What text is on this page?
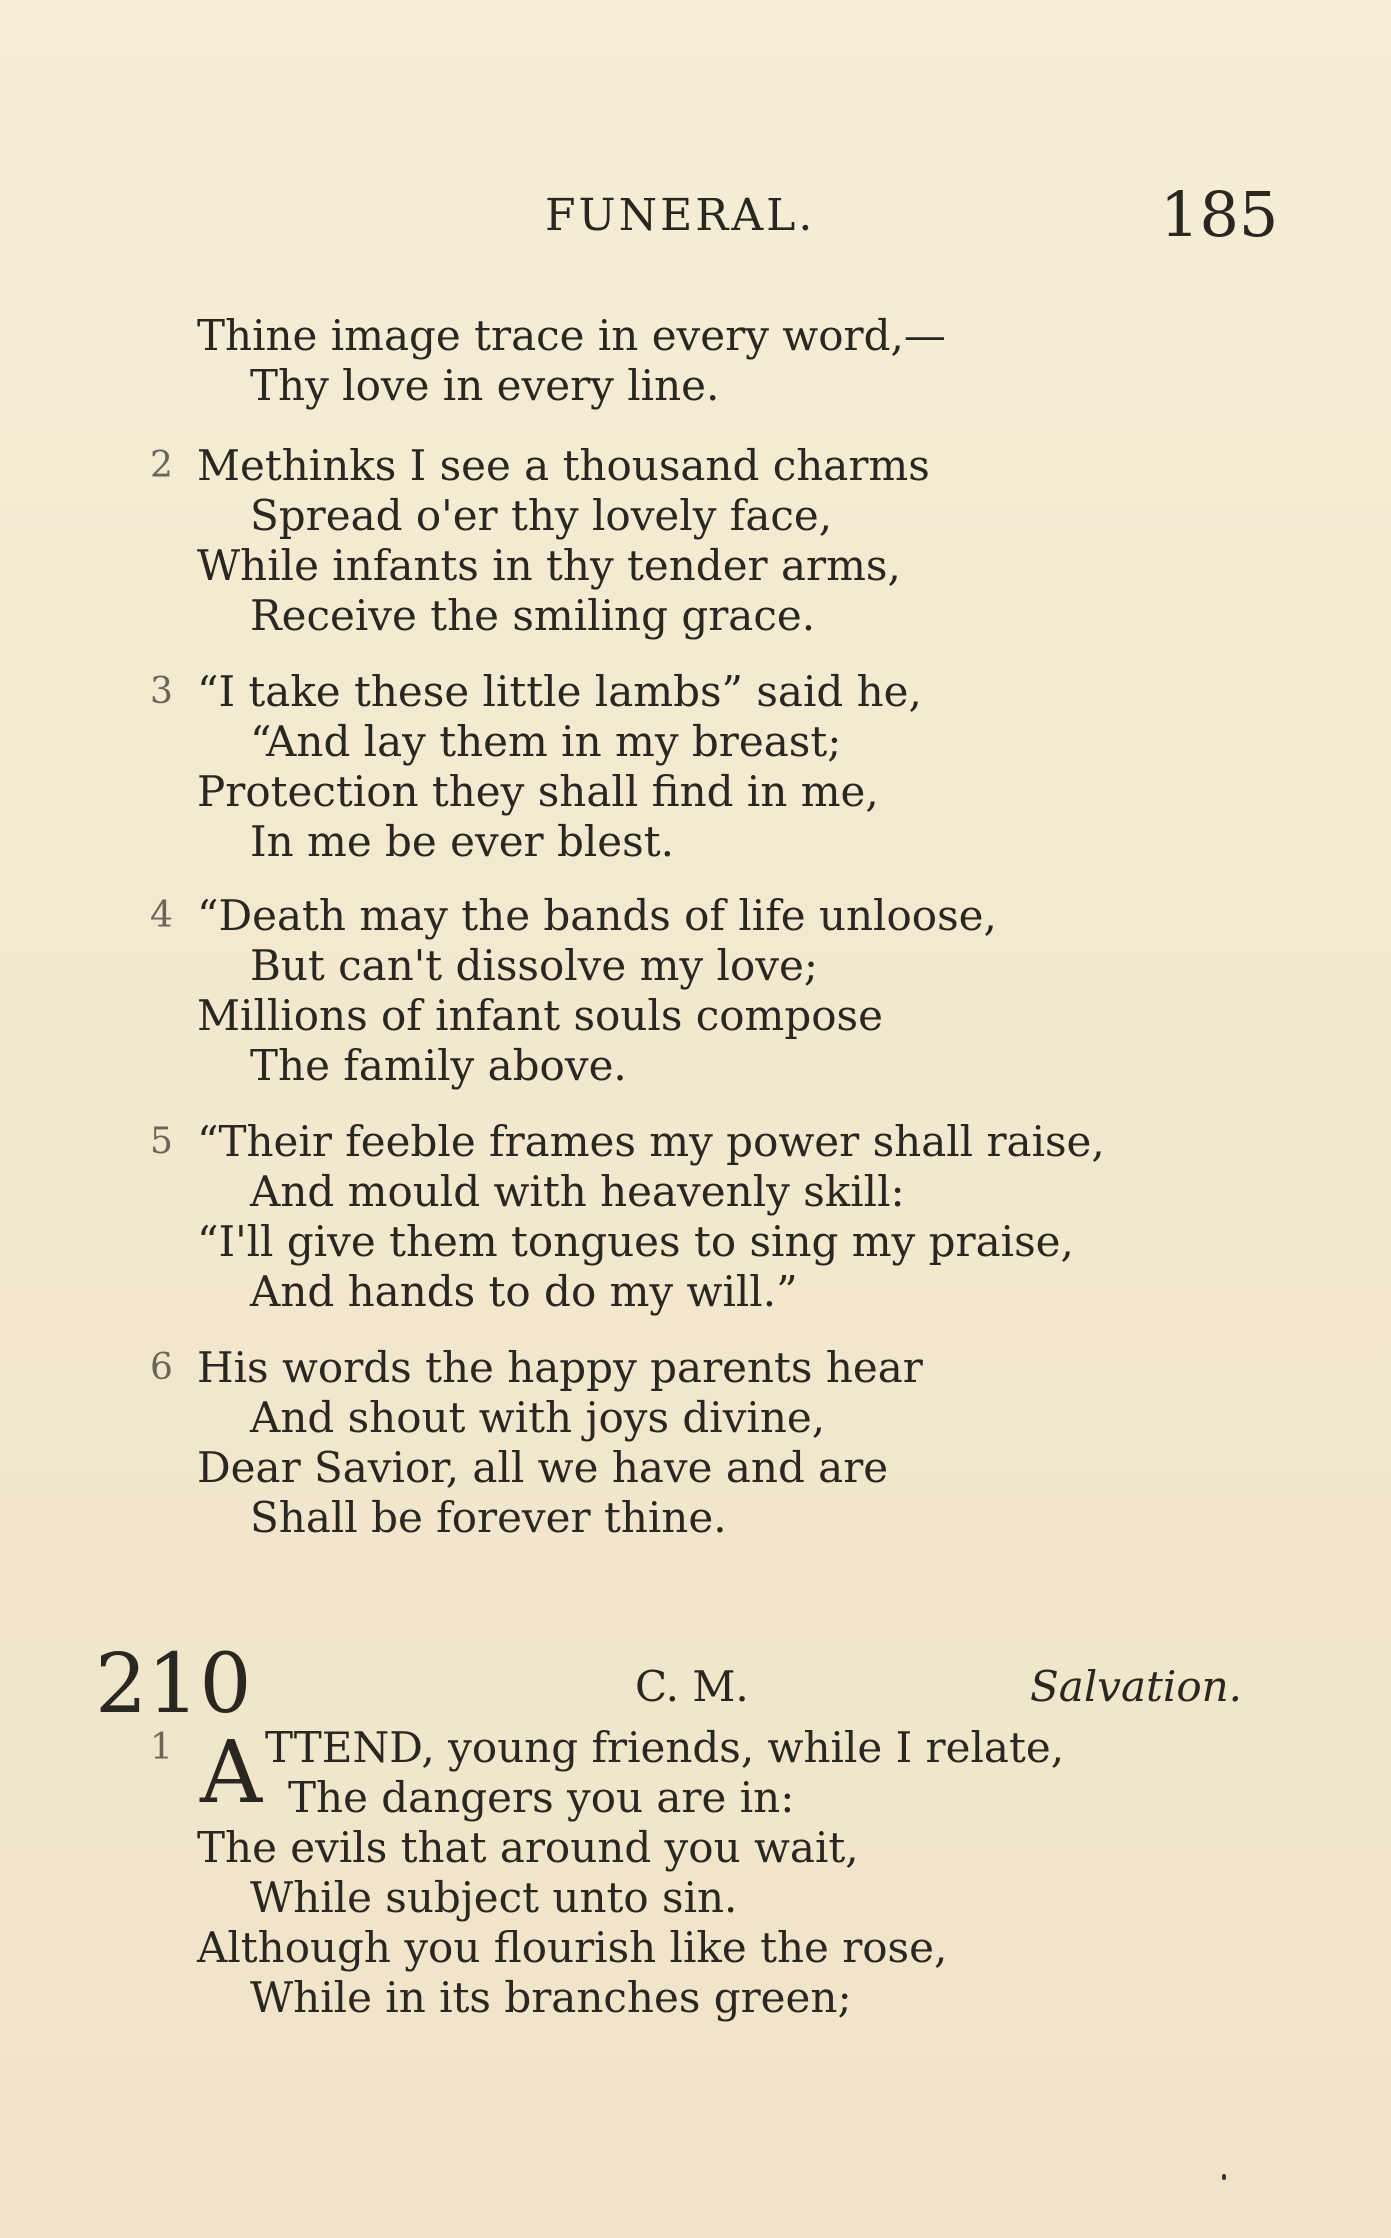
FUNERAL.	185
Thine image trace in every word,—
Thy love in every line.
2 Methinks I see a thousand charms
Spread o'er thy lovely face,
While infants in thy tender arms,
Receive the smiling grace.
3 “I take these little lambs” said he,
“And lay them in my breast;
Protection they shall find in me,
In me be ever blest.
4 “Death may the bands of life unloose,
But can't dissolve my love;
Millions of infant souls compose
The family above.
5 “Their feeble frames my power shall raise,
And mould with heavenly skill:
“I'll give them tongues to sing my praise,
And hands to do my will.”
6 His words the happy parents hear
And shout with joys divine,
Dear Savior, all we have and are
Shall be forever thine.
210	C. M.	Salvation.
1 A TTEND, young friends, while I relate,
The dangers you are in:
The evils that around you wait,
While subject unto sin.
Although you flourish like the rose,
While in its branches green;
